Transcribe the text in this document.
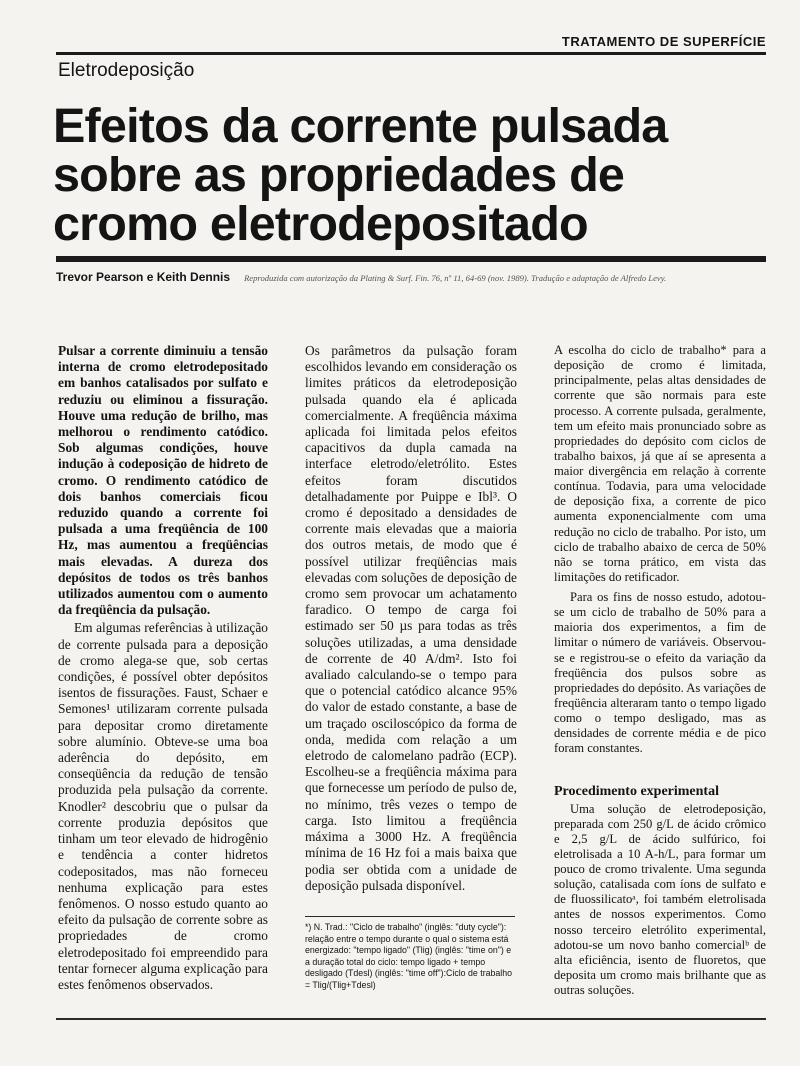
TRATAMENTO DE SUPERFÍCIE
Eletrodeposição
Efeitos da corrente pulsada sobre as propriedades de cromo eletrodepositado
Trevor Pearson e Keith Dennis Reproduzida com autorização da Plating & Surf. Fin. 76, nº 11, 64-69 (nov. 1989). Tradução e adaptação de Alfredo Levy.

Pulsar a corrente diminuiu a tensão interna de cromo eletrodepositado em banhos catalisados por sulfato e reduziu ou eliminou a fissuração. Houve uma redução de brilho, mas melhorou o rendimento catódico. Sob algumas condições, houve indução à codeposição de hidreto de cromo. O rendimento catódico de dois banhos comerciais ficou reduzido quando a corrente foi pulsada a uma freqüência de 100 Hz, mas aumentou a freqüências mais elevadas. A dureza dos depósitos de todos os três banhos utilizados aumentou com o aumento da freqüência da pulsação.

Em algumas referências à utilização de corrente pulsada para a deposição de cromo alega-se que, sob certas condições, é possível obter depósitos isentos de fissurações. Faust, Schaer e Semones¹ utilizaram corrente pulsada para depositar cromo diretamente sobre alumínio. Obteve-se uma boa aderência do depósito, em conseqüência da redução de tensão produzida pela pulsação da corrente. Knodler² descobriu que o pulsar da corrente produzia depósitos que tinham um teor elevado de hidrogênio e tendência a conter hidretos codepositados, mas não forneceu nenhuma explicação para estes fenômenos. O nosso estudo quanto ao efeito da pulsação de corrente sobre as propriedades de cromo eletrodepositado foi empreendido para tentar fornecer alguma explicação para estes fenômenos observados.

Os parâmetros da pulsação foram escolhidos levando em consideração os limites práticos da eletrodeposição pulsada quando ela é aplicada comercialmente. A freqüência máxima aplicada foi limitada pelos efeitos capacitivos da dupla camada na interface eletrodo/eletrólito. Estes efeitos foram discutidos detalhadamente por Puippe e Ibl³. O cromo é depositado a densidades de corrente mais elevadas que a maioria dos outros metais, de modo que é possível utilizar freqüências mais elevadas com soluções de deposição de cromo sem provocar um achatamento faradico. O tempo de carga foi estimado ser 50 µs para todas as três soluções utilizadas, a uma densidade de corrente de 40 A/dm². Isto foi avaliado calculando-se o tempo para que o potencial catódico alcance 95% do valor de estado constante, a base de um traçado osciloscópico da forma de onda, medida com relação a um eletrodo de calomelano padrão (ECP). Escolheu-se a freqüência máxima para que fornecesse um período de pulso de, no mínimo, três vezes o tempo de carga. Isto limitou a freqüência máxima a 3000 Hz. A freqüência mínima de 16 Hz foi a mais baixa que podia ser obtida com a unidade de deposição pulsada disponível.

A escolha do ciclo de trabalho* para a deposição de cromo é limitada, principalmente, pelas altas densidades de corrente que são normais para este processo. A corrente pulsada, geralmente, tem um efeito mais pronunciado sobre as propriedades do depósito com ciclos de trabalho baixos, já que aí se apresenta a maior divergência em relação à corrente contínua. Todavia, para uma velocidade de deposição fixa, a corrente de pico aumenta exponencialmente com uma redução no ciclo de trabalho. Por isto, um ciclo de trabalho abaixo de cerca de 50% não se torna prático, em vista das limitações do retificador.

Para os fins de nosso estudo, adotou-se um ciclo de trabalho de 50% para a maioria dos experimentos, a fim de limitar o número de variáveis. Observou-se e registrou-se o efeito da variação da freqüência dos pulsos sobre as propriedades do depósito. As variações de freqüência alteraram tanto o tempo ligado como o tempo desligado, mas as densidades de corrente média e de pico foram constantes.

Procedimento experimental

Uma solução de eletrodeposição, preparada com 250 g/L de ácido crômico e 2,5 g/L de ácido sulfúrico, foi eletrolisada a 10 A-h/L, para formar um pouco de cromo trivalente. Uma segunda solução, catalisada com íons de sulfato e de fluossilicatoᵃ, foi também eletrolisada antes de nossos experimentos. Como nosso terceiro eletrólito experimental, adotou-se um novo banho comercialᵇ de alta eficiência, isento de fluoretos, que deposita um cromo mais brilhante que as outras soluções.

*) N. Trad.: "Ciclo de trabalho" (inglês: "duty cycle"): relação entre o tempo durante o qual o sistema está energizado: "tempo ligado" (Tlig) (inglês: "time on") e a duração total do ciclo: tempo ligado + tempo desligado (Tdesl) (inglês: "time off"):Ciclo de trabalho = Tlig/(Tlig+Tdesl)
